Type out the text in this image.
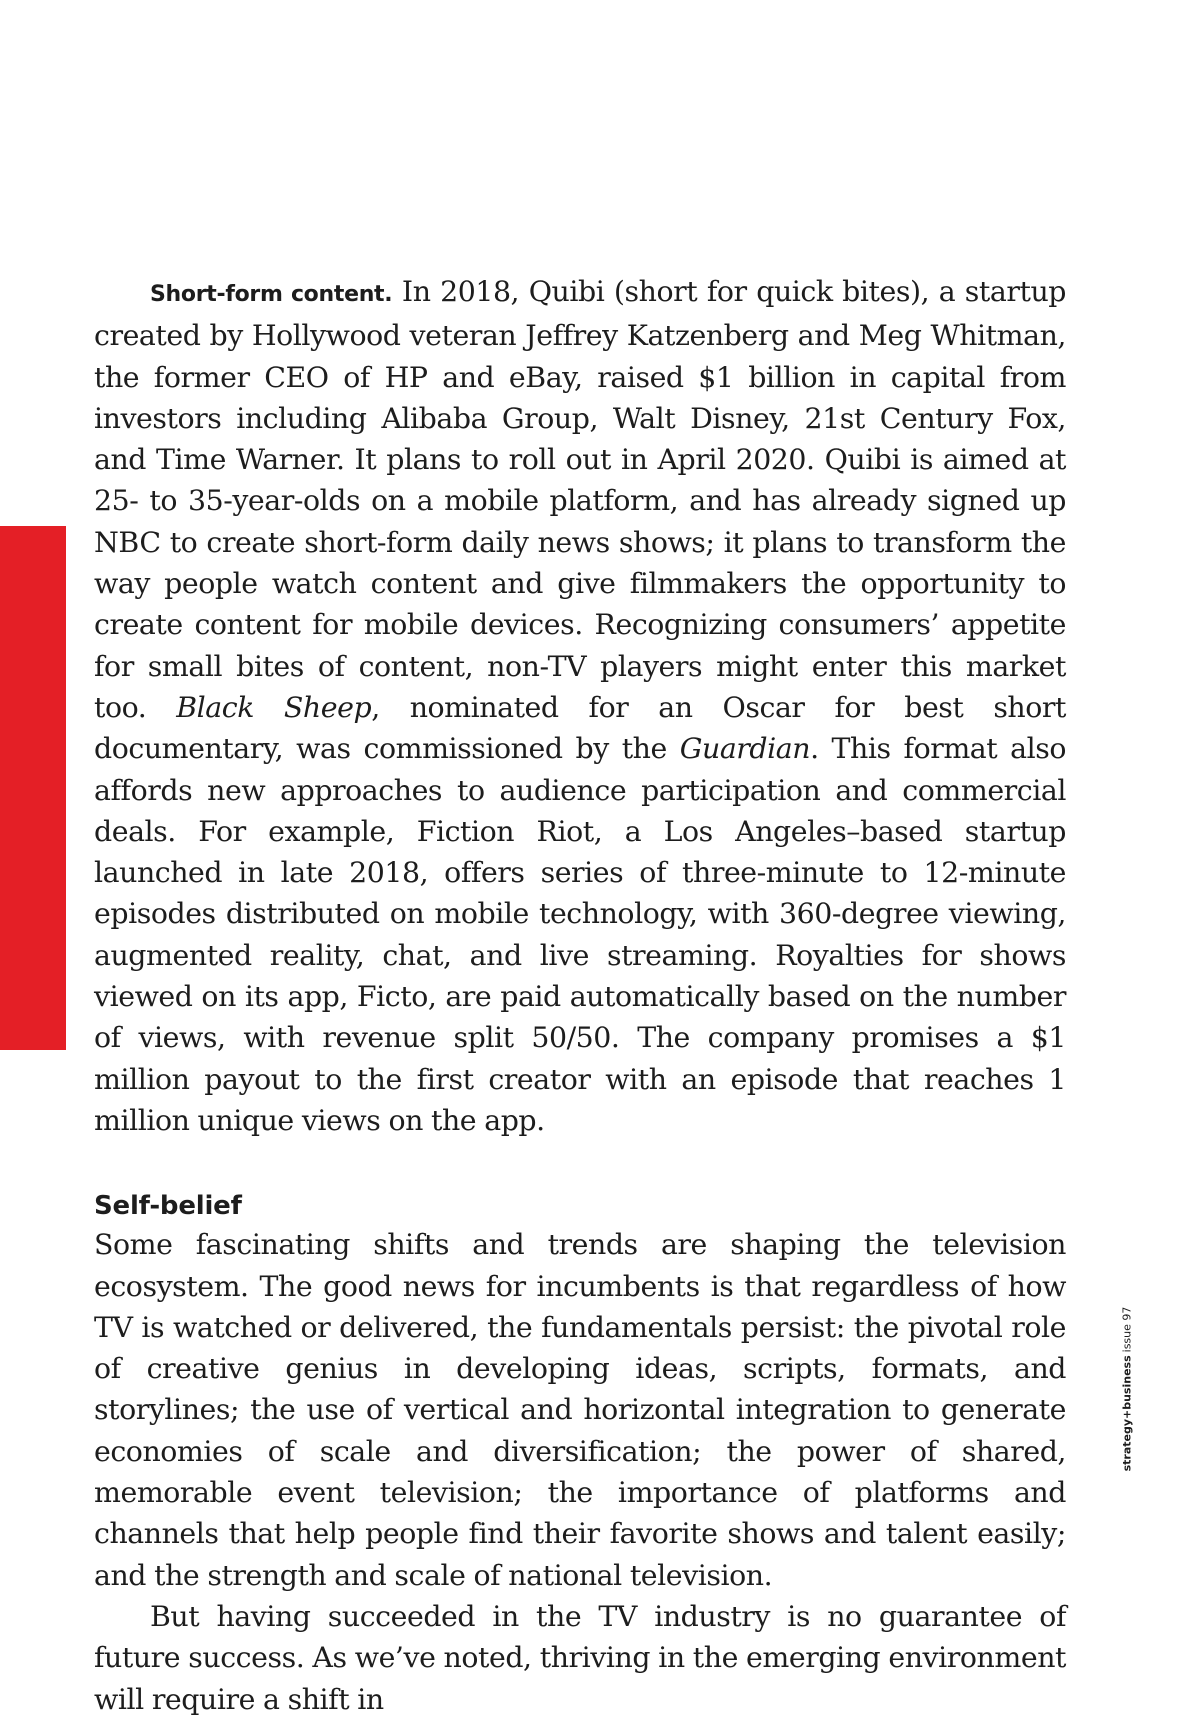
feature|tech & innovation
114

Short-form content. In 2018, Quibi (short for quick bites), a startup created by Hollywood veteran Jeffrey Katzenberg and Meg Whitman, the former CEO of HP and eBay, raised $1 billion in capital from investors including Alibaba Group, Walt Disney, 21st Century Fox, and Time Warner. It plans to roll out in April 2020. Quibi is aimed at 25- to 35-year-olds on a mobile platform, and has already signed up NBC to create short-form daily news shows; it plans to transform the way people watch content and give filmmakers the opportunity to create content for mobile devices. Recognizing consumers’ appetite for small bites of content, non-TV players might enter this market too. Black Sheep, nominated for an Oscar for best short documentary, was commissioned by the Guardian. This format also affords new approaches to audience participation and commercial deals. For example, Fiction Riot, a Los Angeles–based startup launched in late 2018, offers series of three-minute to 12-minute episodes distributed on mobile technology, with 360-degree viewing, augmented reality, chat, and live streaming. Royalties for shows viewed on its app, Ficto, are paid automatically based on the number of views, with revenue split 50/50. The company promises a $1 million payout to the first creator with an episode that reaches 1 million unique views on the app.

Self-belief

Some fascinating shifts and trends are shaping the television ecosystem. The good news for incumbents is that regardless of how TV is watched or delivered, the fundamentals persist: the pivotal role of creative genius in developing ideas, scripts, formats, and storylines; the use of vertical and horizontal integration to generate economies of scale and diversification; the power of shared, memorable event television; the importance of platforms and channels that help people find their favorite shows and talent easily; and the strength and scale of national television.

But having succeeded in the TV industry is no guarantee of future success. As we’ve noted, thriving in the emerging environment will require a shift in

strategy+businessissue 97
